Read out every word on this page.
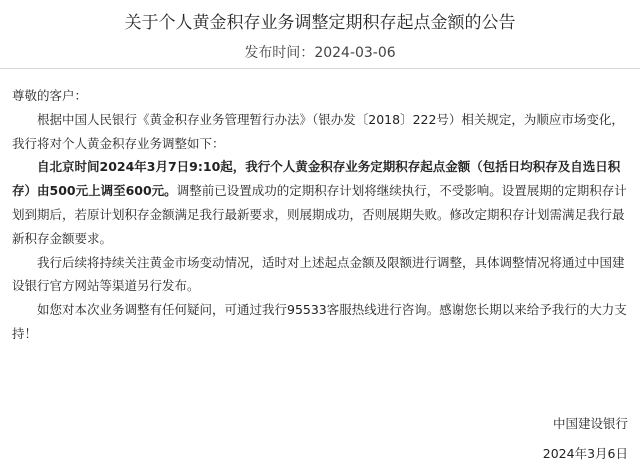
关于个人黄金积存业务调整定期积存起点金额的公告
发布时间：2024-03-06

尊敬的客户：

根据中国人民银行《黄金积存业务管理暂行办法》（银办发〔2018〕222号）相关规定，为顺应市场变化，我行将对个人黄金积存业务调整如下：

自北京时间2024年3月7日9:10起，我行个人黄金积存业务定期积存起点金额（包括日均积存及自选日积存）由500元上调至600元。调整前已设置成功的定期积存计划将继续执行，不受影响。设置展期的定期积存计划到期后，若原计划积存金额满足我行最新要求，则展期成功，否则展期失败。修改定期积存计划需满足我行最新积存金额要求。

我行后续将持续关注黄金市场变动情况，适时对上述起点金额及限额进行调整，具体调整情况将通过中国建设银行官方网站等渠道另行发布。

如您对本次业务调整有任何疑问，可通过我行95533客服热线进行咨询。感谢您长期以来给予我行的大力支持！

中国建设银行
2024年3月6日
